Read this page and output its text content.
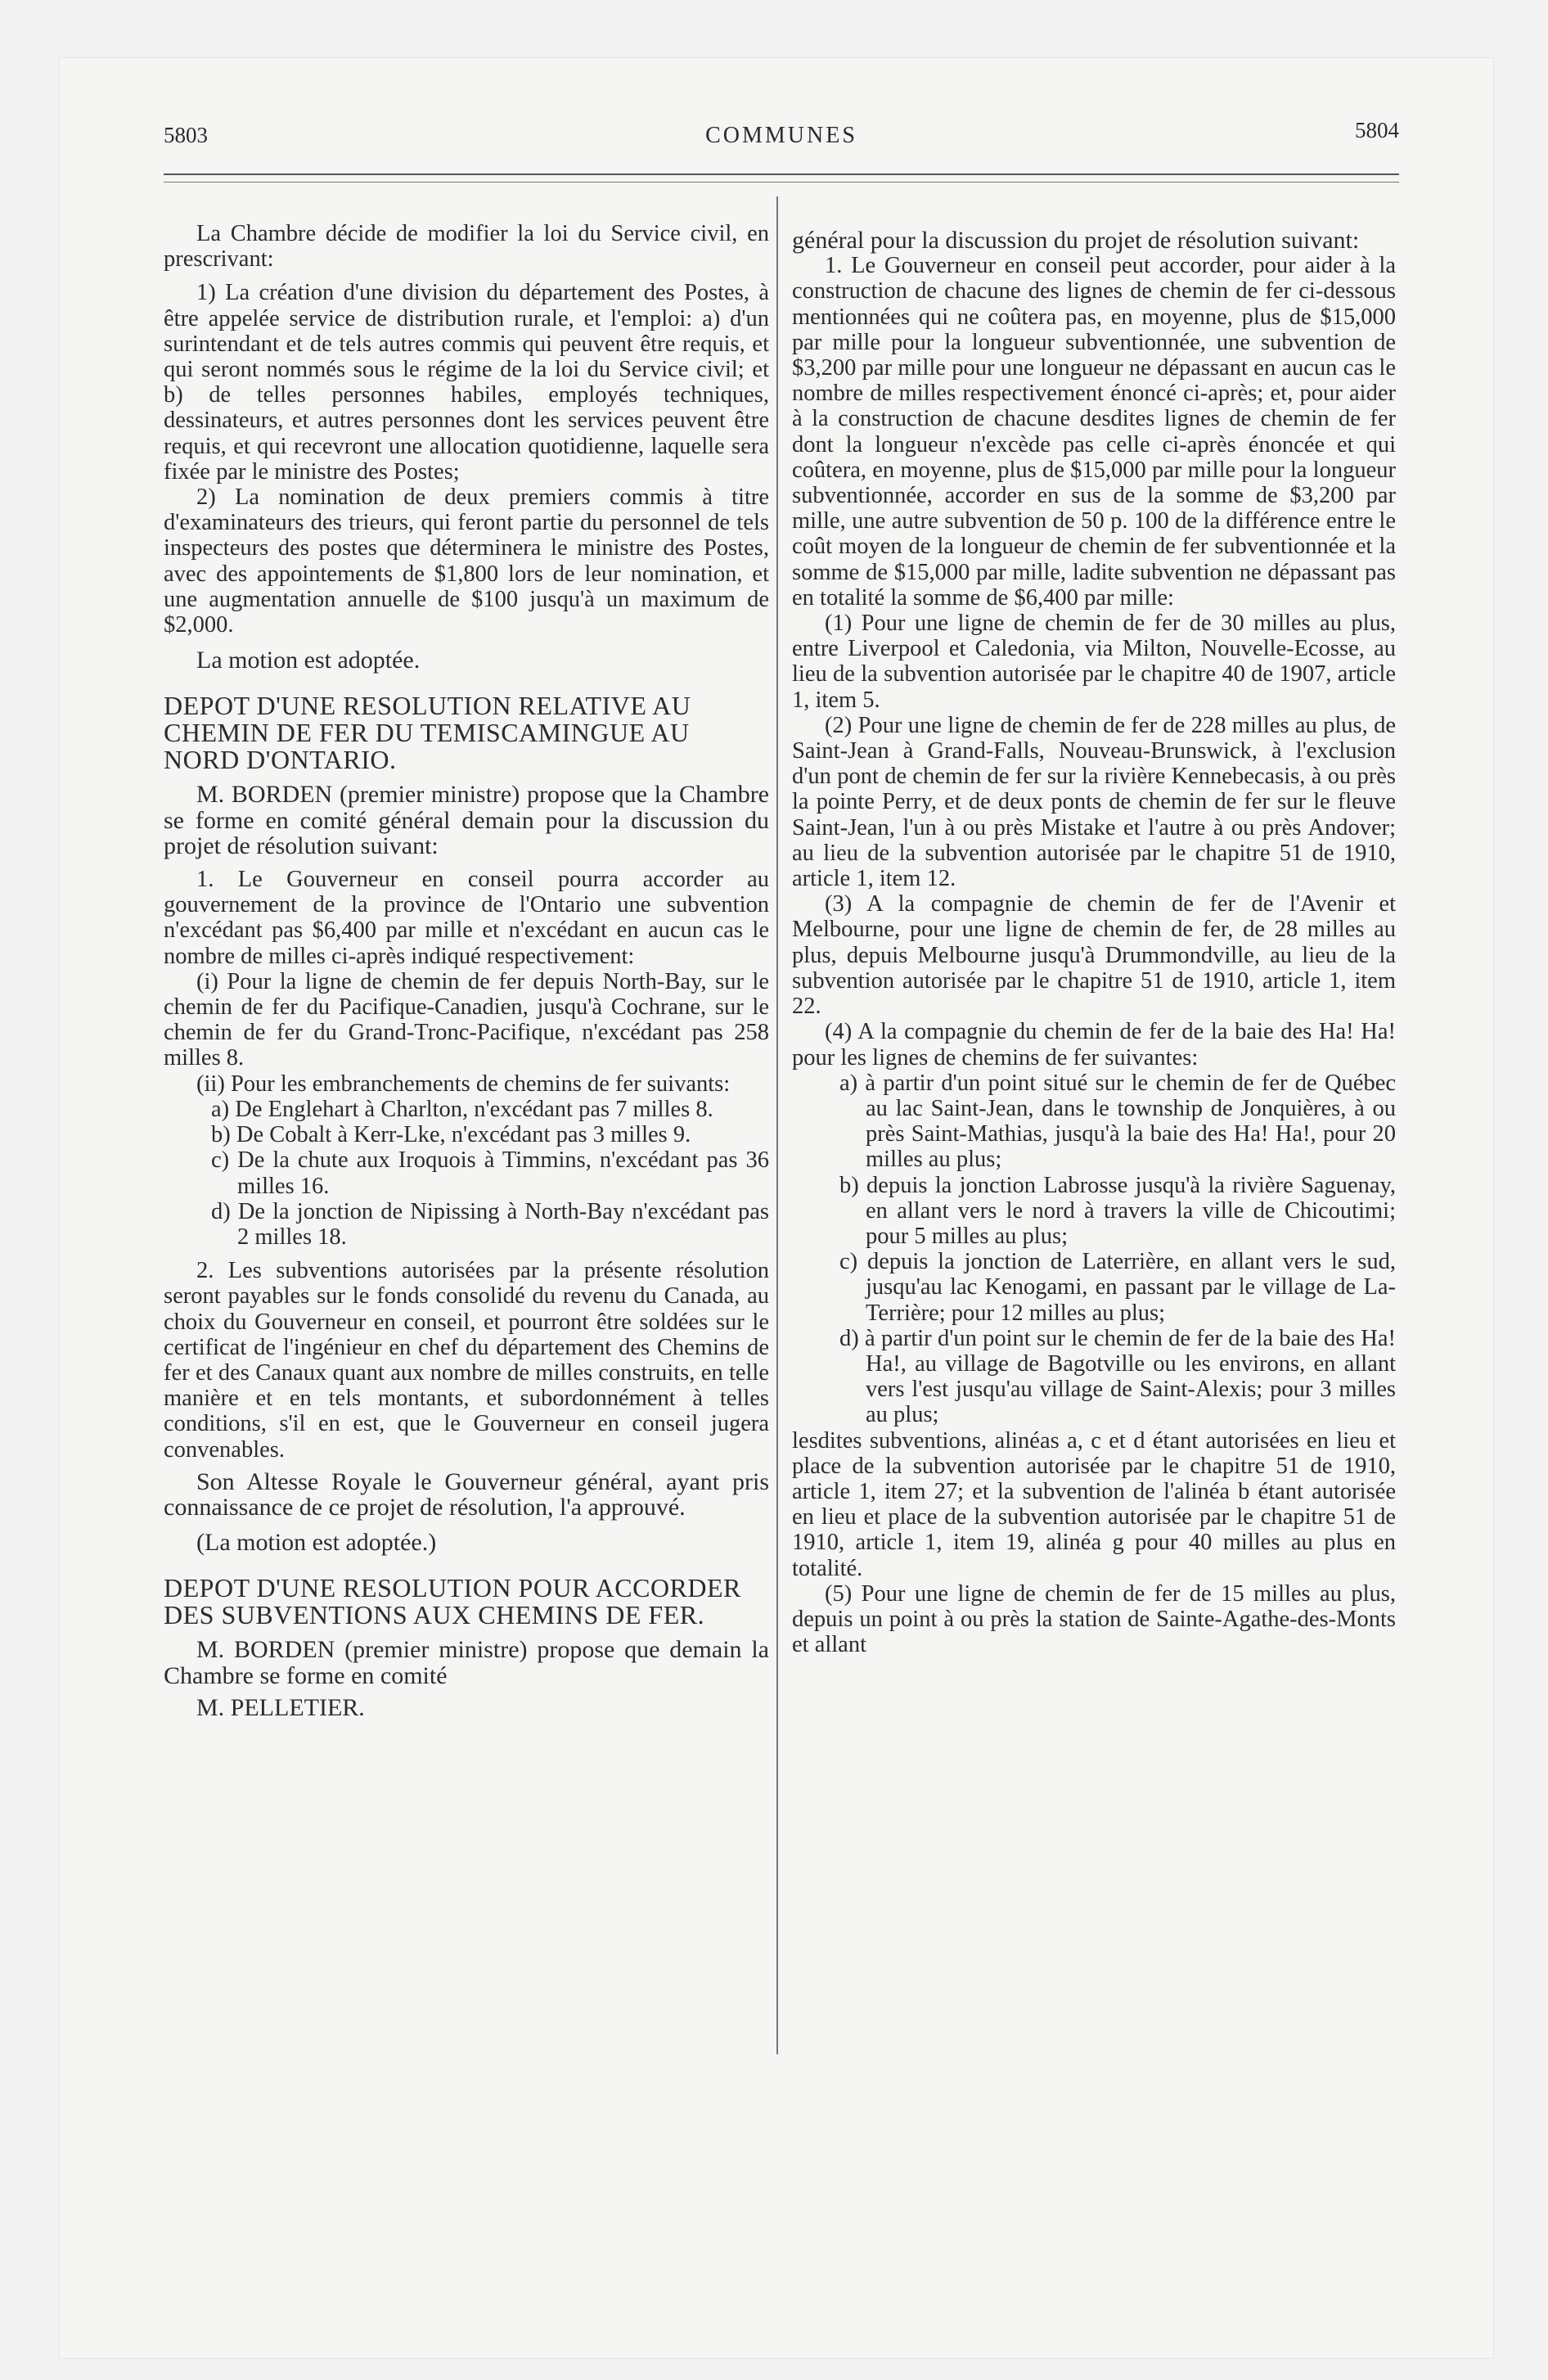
5803	COMMUNES	5804

La Chambre décide de modifier la loi du Service civil, en prescrivant:

1) La création d'une division du département des Postes, à être appelée service de distribution rurale, et l'emploi: a) d'un surintendant et de tels autres commis qui peuvent être requis, et qui seront nommés sous le régime de la loi du Service civil; et b) de telles personnes habiles, employés techniques, dessinateurs, et autres personnes dont les services peuvent être requis, et qui recevront une allocation quotidienne, laquelle sera fixée par le ministre des Postes;

2) La nomination de deux premiers commis à titre d'examinateurs des trieurs, qui feront partie du personnel de tels inspecteurs des postes que déterminera le ministre des Postes, avec des appointements de $1,800 lors de leur nomination, et une augmentation annuelle de $100 jusqu'à un maximum de $2,000.

La motion est adoptée.

DEPOT D'UNE RESOLUTION RELATIVE AU CHEMIN DE FER DU TEMISCAMINGUE AU NORD D'ONTARIO.

M. BORDEN (premier ministre) propose que la Chambre se forme en comité général demain pour la discussion du projet de résolution suivant:

1. Le Gouverneur en conseil pourra accorder au gouvernement de la province de l'Ontario une subvention n'excédant pas $6,400 par mille et n'excédant en aucun cas le nombre de milles ci-après indiqué respectivement:

(i) Pour la ligne de chemin de fer depuis North-Bay, sur le chemin de fer du Pacifique-Canadien, jusqu'à Cochrane, sur le chemin de fer du Grand-Tronc-Pacifique, n'excédant pas 258 milles 8.

(ii) Pour les embranchements de chemins de fer suivants:

a) De Englehart à Charlton, n'excédant pas 7 milles 8.

b) De Cobalt à Kerr-Lke, n'excédant pas 3 milles 9.

c) De la chute aux Iroquois à Timmins, n'excédant pas 36 milles 16.

d) De la jonction de Nipissing à North-Bay n'excédant pas 2 milles 18.

2. Les subventions autorisées par la présente résolution seront payables sur le fonds consolidé du revenu du Canada, au choix du Gouverneur en conseil, et pourront être soldées sur le certificat de l'ingénieur en chef du département des Chemins de fer et des Canaux quant aux nombre de milles construits, en telle manière et en tels montants, et subordonnément à telles conditions, s'il en est, que le Gouverneur en conseil jugera convenables.

Son Altesse Royale le Gouverneur général, ayant pris connaissance de ce projet de résolution, l'a approuvé.

(La motion est adoptée.)

DEPOT D'UNE RESOLUTION POUR ACCORDER DES SUBVENTIONS AUX CHEMINS DE FER.

M. BORDEN (premier ministre) propose que demain la Chambre se forme en comité

M. PELLETIER.

général pour la discussion du projet de résolution suivant:

1. Le Gouverneur en conseil peut accorder, pour aider à la construction de chacune des lignes de chemin de fer ci-dessous mentionnées qui ne coûtera pas, en moyenne, plus de $15,000 par mille pour la longueur subventionnée, une subvention de $3,200 par mille pour une longueur ne dépassant en aucun cas le nombre de milles respectivement énoncé ci-après; et, pour aider à la construction de chacune desdites lignes de chemin de fer dont la longueur n'excède pas celle ci-après énoncée et qui coûtera, en moyenne, plus de $15,000 par mille pour la longueur subventionnée, accorder en sus de la somme de $3,200 par mille, une autre subvention de 50 p. 100 de la différence entre le coût moyen de la longueur de chemin de fer subventionnée et la somme de $15,000 par mille, ladite subvention ne dépassant pas en totalité la somme de $6,400 par mille:

(1) Pour une ligne de chemin de fer de 30 milles au plus, entre Liverpool et Caledonia, via Milton, Nouvelle-Ecosse, au lieu de la subvention autorisée par le chapitre 40 de 1907, article 1, item 5.

(2) Pour une ligne de chemin de fer de 228 milles au plus, de Saint-Jean à Grand-Falls, Nouveau-Brunswick, à l'exclusion d'un pont de chemin de fer sur la rivière Kennebecasis, à ou près la pointe Perry, et de deux ponts de chemin de fer sur le fleuve Saint-Jean, l'un à ou près Mistake et l'autre à ou près Andover; au lieu de la subvention autorisée par le chapitre 51 de 1910, article 1, item 12.

(3) A la compagnie de chemin de fer de l'Avenir et Melbourne, pour une ligne de chemin de fer, de 28 milles au plus, depuis Melbourne jusqu'à Drummondville, au lieu de la subvention autorisée par le chapitre 51 de 1910, article 1, item 22.

(4) A la compagnie du chemin de fer de la baie des Ha! Ha! pour les lignes de chemins de fer suivantes:

a) à partir d'un point situé sur le chemin de fer de Québec au lac Saint-Jean, dans le township de Jonquières, à ou près Saint-Mathias, jusqu'à la baie des Ha! Ha!, pour 20 milles au plus;

b) depuis la jonction Labrosse jusqu'à la rivière Saguenay, en allant vers le nord à travers la ville de Chicoutimi; pour 5 milles au plus;

c) depuis la jonction de Laterrière, en allant vers le sud, jusqu'au lac Kenogami, en passant par le village de La-Terrière; pour 12 milles au plus;

d) à partir d'un point sur le chemin de fer de la baie des Ha! Ha!, au village de Bagotville ou les environs, en allant vers l'est jusqu'au village de Saint-Alexis; pour 3 milles au plus;

lesdites subventions, alinéas a, c et d étant autorisées en lieu et place de la subvention autorisée par le chapitre 51 de 1910, article 1, item 27; et la subvention de l'alinéa b étant autorisée en lieu et place de la subvention autorisée par le chapitre 51 de 1910, article 1, item 19, alinéa g pour 40 milles au plus en totalité.

(5) Pour une ligne de chemin de fer de 15 milles au plus, depuis un point à ou près la station de Sainte-Agathe-des-Monts et allant
